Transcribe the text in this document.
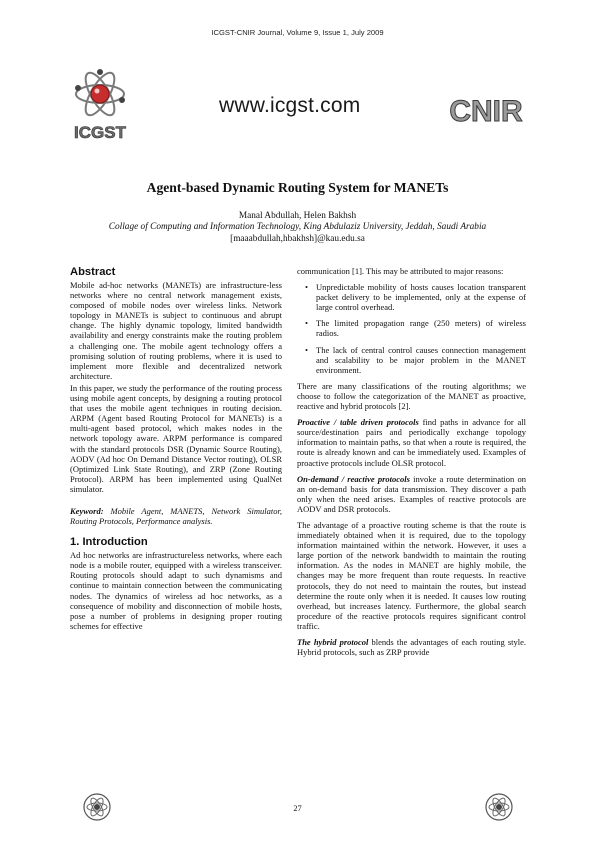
ICGST-CNIR Journal, Volume 9, Issue 1, July 2009
ICGST
www.icgst.com	CNIR
Agent-based Dynamic Routing System for MANETs
Manal Abdullah, Helen Bakhsh
Collage of Computing and Information Technology, King Abdulaziz University, Jeddah, Saudi Arabia
[maaabdullah,hbakhsh]@kau.edu.sa
Abstract

Mobile ad-hoc networks (MANETs) are infrastructure-less networks where no central network management exists, composed of mobile nodes over wireless links. Network topology in MANETs is subject to continuous and abrupt change. The highly dynamic topology, limited bandwidth availability and energy constraints make the routing problem a challenging one. The mobile agent technology offers a promising solution of routing problems, where it is used to implement more flexible and decentralized network architecture.

In this paper, we study the performance of the routing process using mobile agent concepts, by designing a routing protocol that uses the mobile agent techniques in routing decision. ARPM (Agent based Routing Protocol for MANETs) is a multi-agent based protocol, which makes nodes in the network topology aware. ARPM performance is compared with the standard protocols DSR (Dynamic Source Routing), AODV (Ad hoc On Demand Distance Vector routing), OLSR (Optimized Link State Routing), and ZRP (Zone Routing Protocol). ARPM has been implemented using QualNet simulator.

Keyword: Mobile Agent, MANETS, Network Simulator, Routing Protocols, Performance analysis.

1. Introduction

Ad hoc networks are infrastructureless networks, where each node is a mobile router, equipped with a wireless transceiver. Routing protocols should adapt to such dynamisms and continue to maintain connection between the communicating nodes. The dynamics of wireless ad hoc networks, as a consequence of mobility and disconnection of mobile hosts, pose a number of problems in designing proper routing schemes for effective

communication [1]. This may be attributed to major reasons:

• Unpredictable mobility of hosts causes location transparent packet delivery to be implemented, only at the expense of large control overhead.
• The limited propagation range (250 meters) of wireless radios.
• The lack of central control causes connection management and scalability to be major problem in the MANET environment.

There are many classifications of the routing algorithms; we choose to follow the categorization of the MANET as proactive, reactive and hybrid protocols [2].

Proactive / table driven protocols find paths in advance for all source/destination pairs and periodically exchange topology information to maintain paths, so that when a route is required, the route is already known and can be immediately used. Examples of proactive protocols include OLSR protocol.

On-demand / reactive protocols invoke a route determination on an on-demand basis for data transmission. They discover a path only when the need arises. Examples of reactive protocols are AODV and DSR protocols.

The advantage of a proactive routing scheme is that the route is immediately obtained when it is required, due to the topology information maintained within the network. However, it uses a large portion of the network bandwidth to maintain the routing information. As the nodes in MANET are highly mobile, the changes may be more frequent than route requests. In reactive protocols, they do not need to maintain the routes, but instead determine the route only when it is needed. It causes low routing overhead, but increases latency. Furthermore, the global search procedure of the reactive protocols requires significant control traffic.

The hybrid protocol blends the advantages of each routing style. Hybrid protocols, such as ZRP provide

27
